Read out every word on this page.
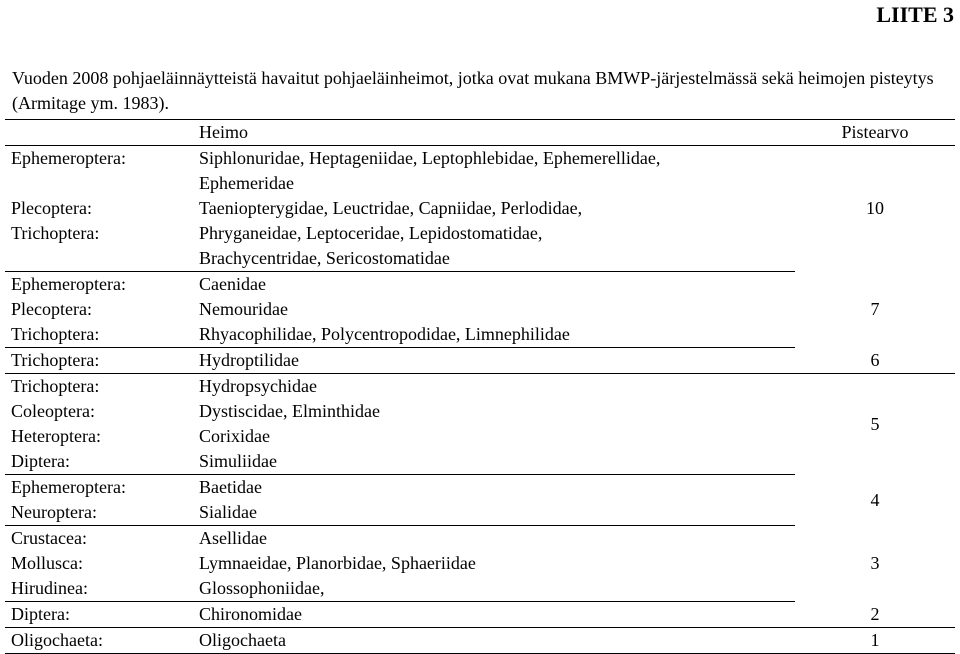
LIITE 3
Vuoden 2008 pohjaeläinnäytteistä havaitut pohjaeläinheimot, jotka ovat mukana BMWP-järjestelmässä sekä heimojen pisteytys (Armitage ym. 1983).
	Heimo	Pistearvo
Ephemeroptera:	Siphlonuridae, Heptageniidae, Leptophlebidae, Ephemerellidae,	10
	Ephemeridae	
Plecoptera:	Taeniopterygidae, Leuctridae, Capniidae, Perlodidae,	
Trichoptera:	Phryganeidae, Leptoceridae, Lepidostomatidae,	
	Brachycentridae, Sericostomatidae	
Ephemeroptera:	Caenidae	7
Plecoptera:	Nemouridae	
Trichoptera:	Rhyacophilidae, Polycentropodidae, Limnephilidae	
Trichoptera:	Hydroptilidae	6
Trichoptera:	Hydropsychidae	5
Coleoptera:	Dystiscidae, Elminthidae	
Heteroptera:	Corixidae	
Diptera:	Simuliidae	
Ephemeroptera:	Baetidae	4
Neuroptera:	Sialidae	
Crustacea:	Asellidae	3
Mollusca:	Lymnaeidae, Planorbidae, Sphaeriidae	
Hirudinea:	Glossophoniidae,	
Diptera:	Chironomidae	2
Oligochaeta:	Oligochaeta	1
